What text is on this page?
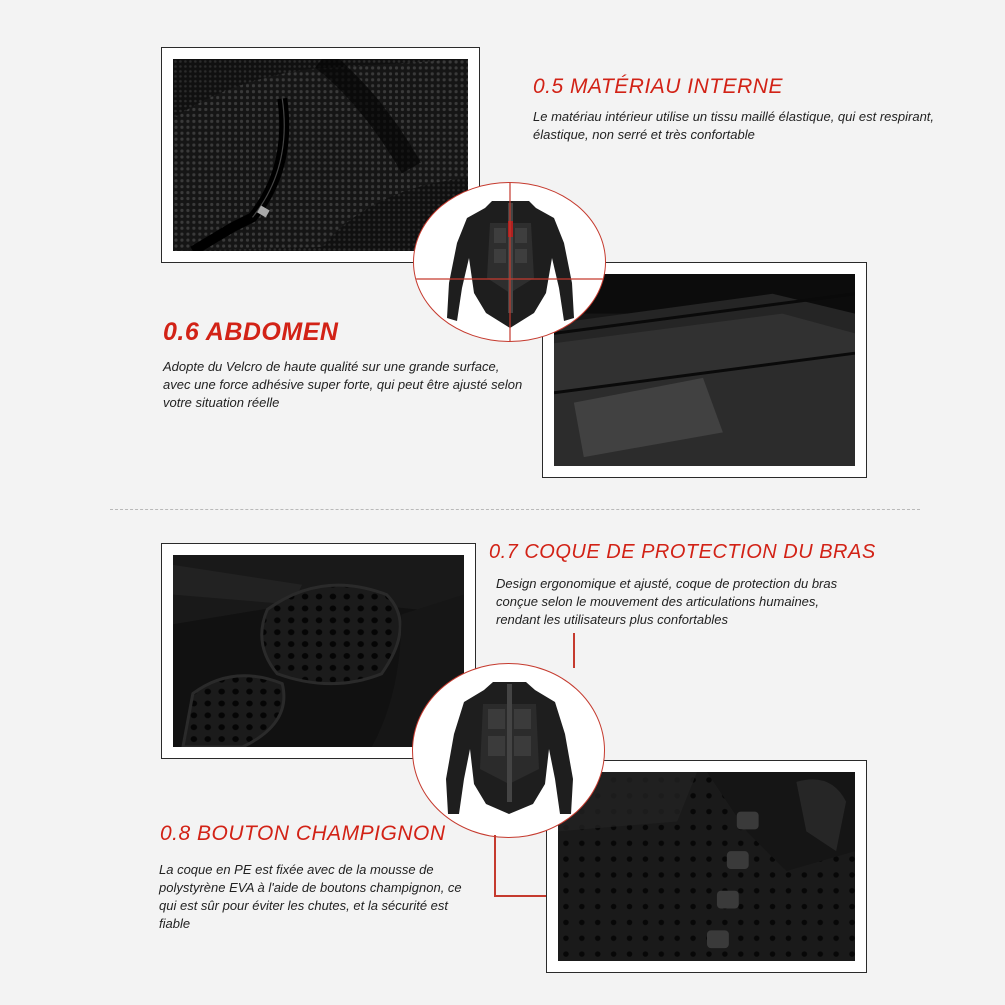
0.5 MATÉRIAU INTERNE

Le matériau intérieur utilise un tissu maillé élastique, qui est respirant, élastique, non serré et très confortable

0.6 ABDOMEN

Adopte du Velcro de haute qualité sur une grande surface, avec une force adhésive super forte, qui peut être ajusté selon votre situation réelle

0.7 COQUE DE PROTECTION DU BRAS

Design ergonomique et ajusté, coque de protection du bras conçue selon le mouvement des articulations humaines, rendant les utilisateurs plus confortables

0.8 BOUTON CHAMPIGNON

La coque en PE est fixée avec de la mousse de polystyrène EVA à l'aide de boutons champignon, ce qui est sûr pour éviter les chutes, et la sécurité est fiable
